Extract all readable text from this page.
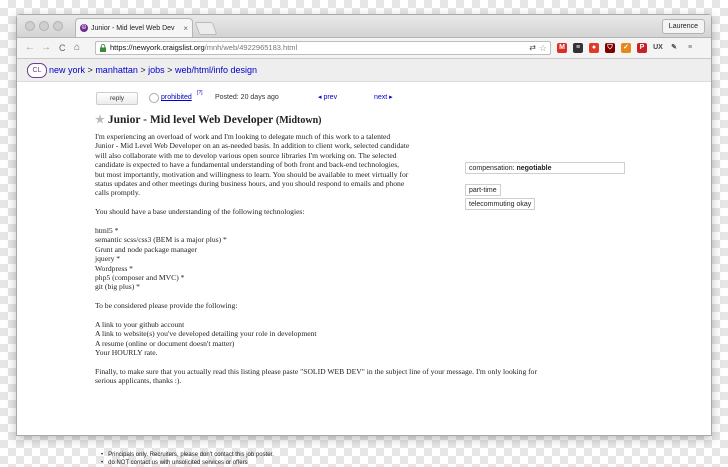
☮ Junior - Mid level Web Dev	×	Laurence
← → C ⌂	https://newyork.craigslist.org/mnh/web/4922965183.html	⇄ ☆ M	≡	●	⛉	✓	P	UX ✎	≡
CL new york > manhattan > jobs > web/html/info design
reply	prohibited
[?]
Posted: 20 days ago	◂ prev	next ▸
★ Junior - Mid level Web Developer (Midtown)

I'm experiencing an overload of work and I'm looking to delegate much of this work to a talented
Junior - Mid Level Web Developer on an as-needed basis. In addition to client work, selected candidate
will also collaborate with me to develop various open source libraries I'm working on. The selected
candidate is expected to have a fundamental understanding of both front and back-end technologies,
but most importantly, motivation and willingness to learn. You should be available to meet virtually for
status updates and other meetings during business hours, and you should respond to emails and phone
calls promptly.

You should have a base understanding of the following technologies:

html5 *
semantic scss/css3 (BEM is a major plus) *
Grunt and node package manager
jquery *
Wordpress *
php5 (composer and MVC) *
git (big plus) *

To be considered please provide the following:

A link to your github account
A link to website(s) you've developed detailing your role in development
A resume (online or document doesn't matter)
Your HOURLY rate.

Finally, to make sure that you actually read this listing please paste "SOLID WEB DEV" in the subject line of your message. I'm only looking for
serious applicants, thanks :).

compensation: negotiable
part-time
telecommuting okay
• Principals only. Recruiters, please don't contact this job poster.
• do NOT contact us with unsolicited services or offers
